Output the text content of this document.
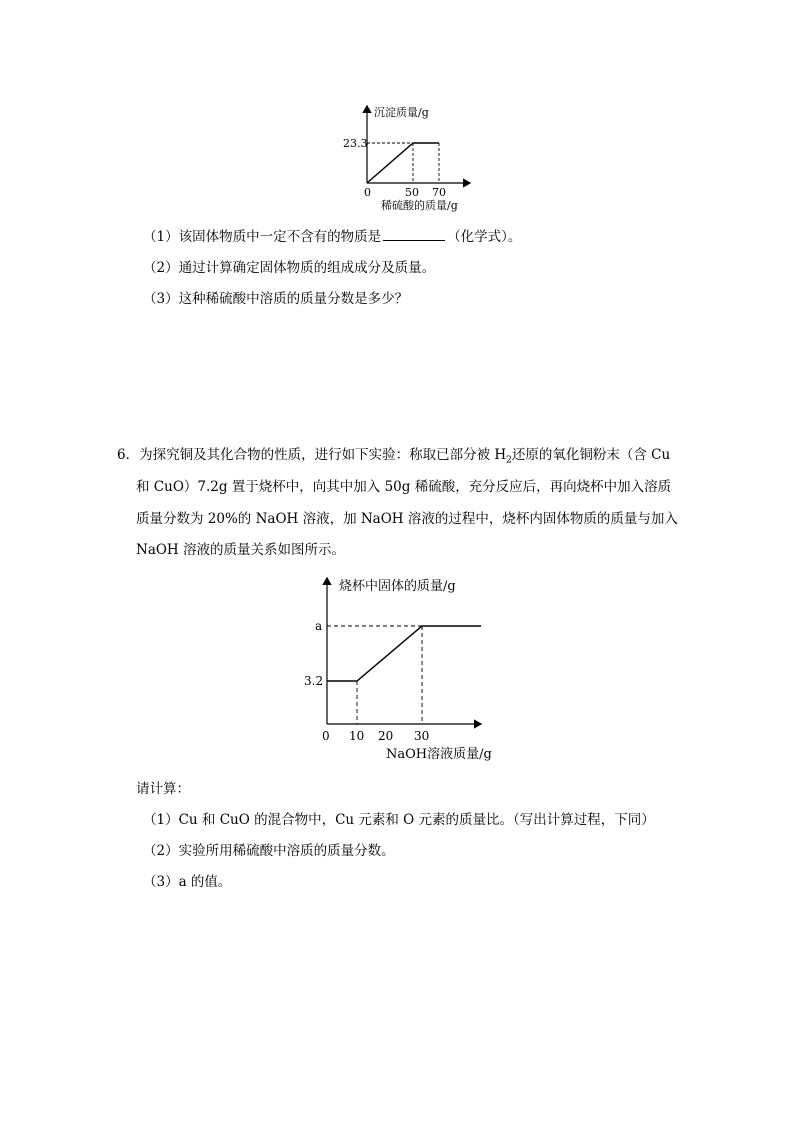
沉淀质量/g
稀硫酸的质量/g
0	50 70
23.3
（1）该固体物质中一定不含有的物质是	（化学式）。
（2）通过计算确定固体物质的组成成分及质量。
（3）这种稀硫酸中溶质的质量分数是多少？
6．为探究铜及其化合物的性质，进行如下实验：称取已部分被 $H_2$还原的氧化铜粉末（含 Cu
和 CuO）7.2g 置于烧杯中，向其中加入 50g 稀硫酸，充分反应后，再向烧杯中加入溶质
质量分数为 20%的 NaOH 溶液，加 NaOH 溶液的过程中，烧杯内固体物质的质量与加入
NaOH 溶液的质量关系如图所示。
烧杯中固体的质量/g
NaOH溶液质量/g
0 10 20 30
3.2
a
请计算：
（1）Cu 和 CuO 的混合物中，Cu 元素和 O 元素的质量比。（写出计算过程，下同）
（2）实验所用稀硫酸中溶质的质量分数。
（3）a 的值。
